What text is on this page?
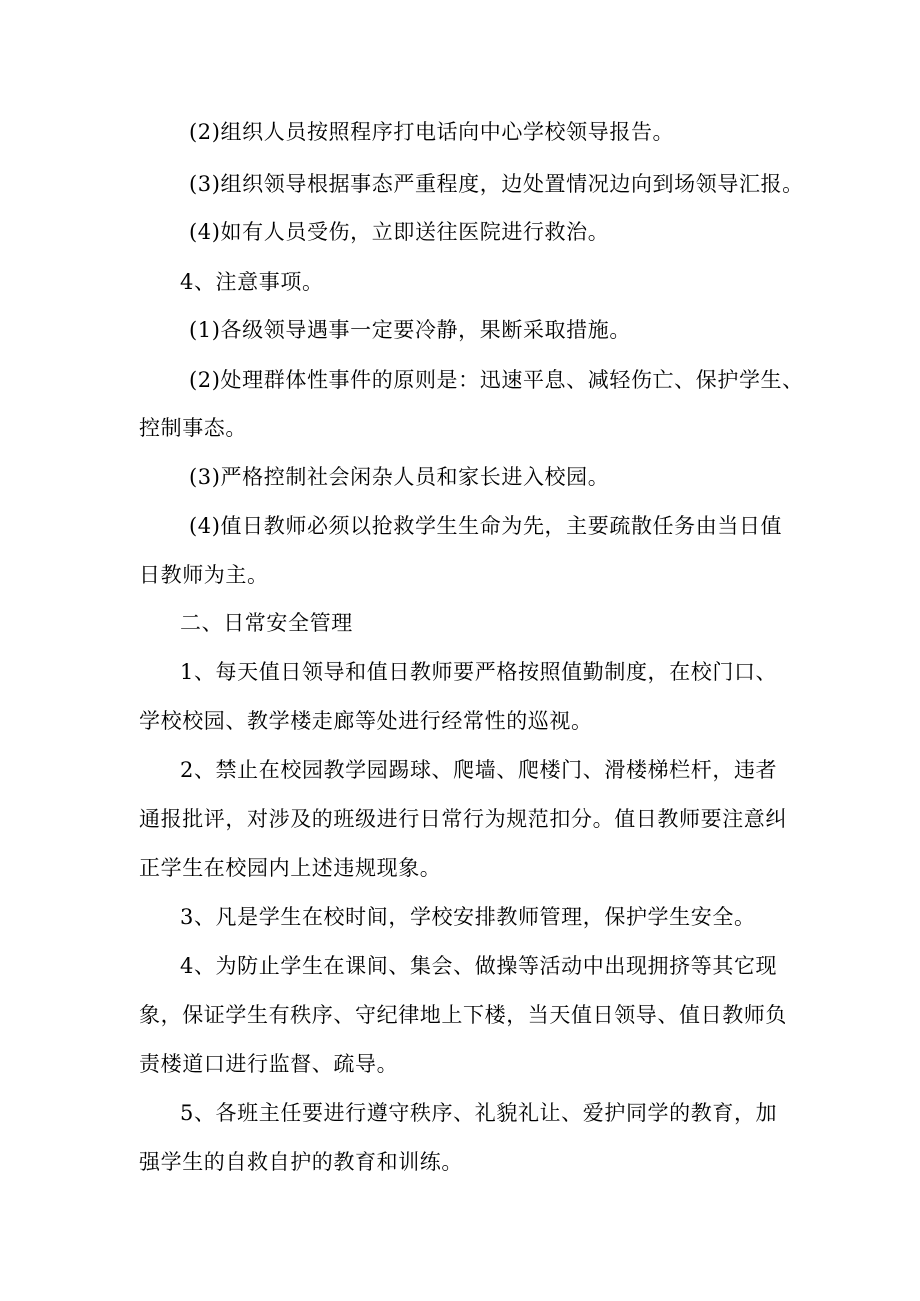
(2)组织人员按照程序打电话向中心学校领导报告。
(3)组织领导根据事态严重程度，边处置情况边向到场领导汇报。
(4)如有人员受伤，立即送往医院进行救治。
4、注意事项。
(1)各级领导遇事一定要冷静，果断采取措施。
(2)处理群体性事件的原则是：迅速平息、减轻伤亡、保护学生、
控制事态。
(3)严格控制社会闲杂人员和家长进入校园。
(4)值日教师必须以抢救学生生命为先，主要疏散任务由当日值
日教师为主。
二、日常安全管理
1、每天值日领导和值日教师要严格按照值勤制度，在校门口、
学校校园、教学楼走廊等处进行经常性的巡视。
2、禁止在校园教学园踢球、爬墙、爬楼门、滑楼梯栏杆，违者
通报批评，对涉及的班级进行日常行为规范扣分。值日教师要注意纠
正学生在校园内上述违规现象。
3、凡是学生在校时间，学校安排教师管理，保护学生安全。
4、为防止学生在课间、集会、做操等活动中出现拥挤等其它现
象，保证学生有秩序、守纪律地上下楼，当天值日领导、值日教师负
责楼道口进行监督、疏导。
5、各班主任要进行遵守秩序、礼貌礼让、爱护同学的教育，加
强学生的自救自护的教育和训练。
